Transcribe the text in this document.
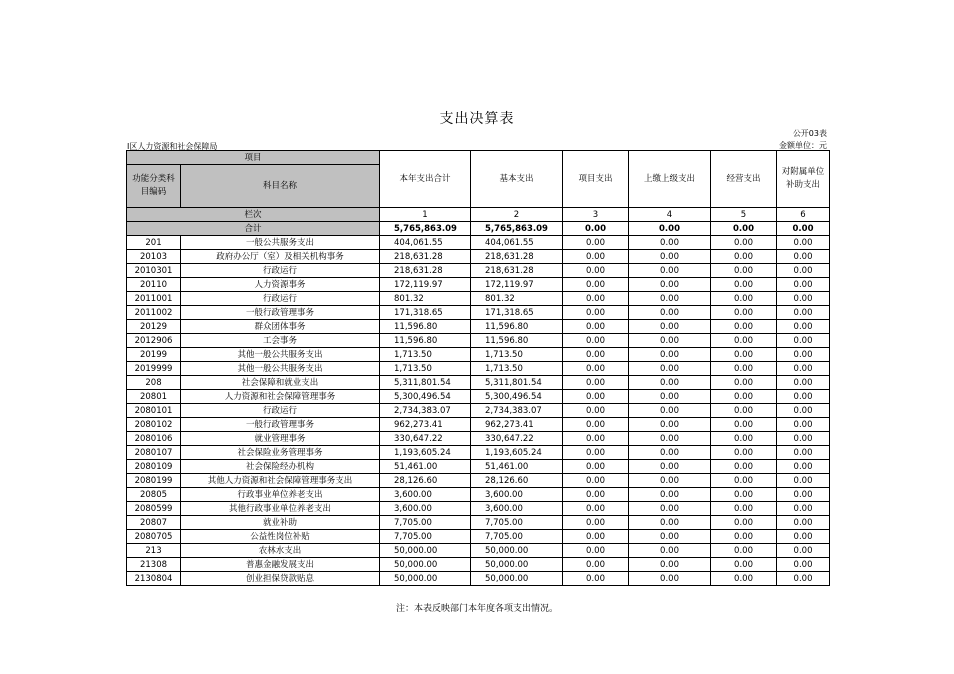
支出决算表
Ⅰ区人力资源和社会保障局
公开03表
金额单位：元
项目		本年支出合计	基本支出	项目支出	上缴上级支出	经营支出	对附属单位补助支出
功能分类科目编码	科目名称						
栏次		1	2	3	4	5	6
合计		5,765,863.09	5,765,863.09	0.00	0.00	0.00	0.00
201	一般公共服务支出	404,061.55	404,061.55	0.00	0.00	0.00	0.00
20103	政府办公厅（室）及相关机构事务	218,631.28	218,631.28	0.00	0.00	0.00	0.00
2010301	行政运行	218,631.28	218,631.28	0.00	0.00	0.00	0.00
20110	人力资源事务	172,119.97	172,119.97	0.00	0.00	0.00	0.00
2011001	行政运行	801.32	801.32	0.00	0.00	0.00	0.00
2011002	一般行政管理事务	171,318.65	171,318.65	0.00	0.00	0.00	0.00
20129	群众团体事务	11,596.80	11,596.80	0.00	0.00	0.00	0.00
2012906	工会事务	11,596.80	11,596.80	0.00	0.00	0.00	0.00
20199	其他一般公共服务支出	1,713.50	1,713.50	0.00	0.00	0.00	0.00
2019999	其他一般公共服务支出	1,713.50	1,713.50	0.00	0.00	0.00	0.00
208	社会保障和就业支出	5,311,801.54	5,311,801.54	0.00	0.00	0.00	0.00
20801	人力资源和社会保障管理事务	5,300,496.54	5,300,496.54	0.00	0.00	0.00	0.00
2080101	行政运行	2,734,383.07	2,734,383.07	0.00	0.00	0.00	0.00
2080102	一般行政管理事务	962,273.41	962,273.41	0.00	0.00	0.00	0.00
2080106	就业管理事务	330,647.22	330,647.22	0.00	0.00	0.00	0.00
2080107	社会保险业务管理事务	1,193,605.24	1,193,605.24	0.00	0.00	0.00	0.00
2080109	社会保险经办机构	51,461.00	51,461.00	0.00	0.00	0.00	0.00
2080199	其他人力资源和社会保障管理事务支出	28,126.60	28,126.60	0.00	0.00	0.00	0.00
20805	行政事业单位养老支出	3,600.00	3,600.00	0.00	0.00	0.00	0.00
2080599	其他行政事业单位养老支出	3,600.00	3,600.00	0.00	0.00	0.00	0.00
20807	就业补助	7,705.00	7,705.00	0.00	0.00	0.00	0.00
2080705	公益性岗位补贴	7,705.00	7,705.00	0.00	0.00	0.00	0.00
213	农林水支出	50,000.00	50,000.00	0.00	0.00	0.00	0.00
21308	普惠金融发展支出	50,000.00	50,000.00	0.00	0.00	0.00	0.00
2130804	创业担保贷款贴息	50,000.00	50,000.00	0.00	0.00	0.00	0.00
注：本表反映部门本年度各项支出情况。
